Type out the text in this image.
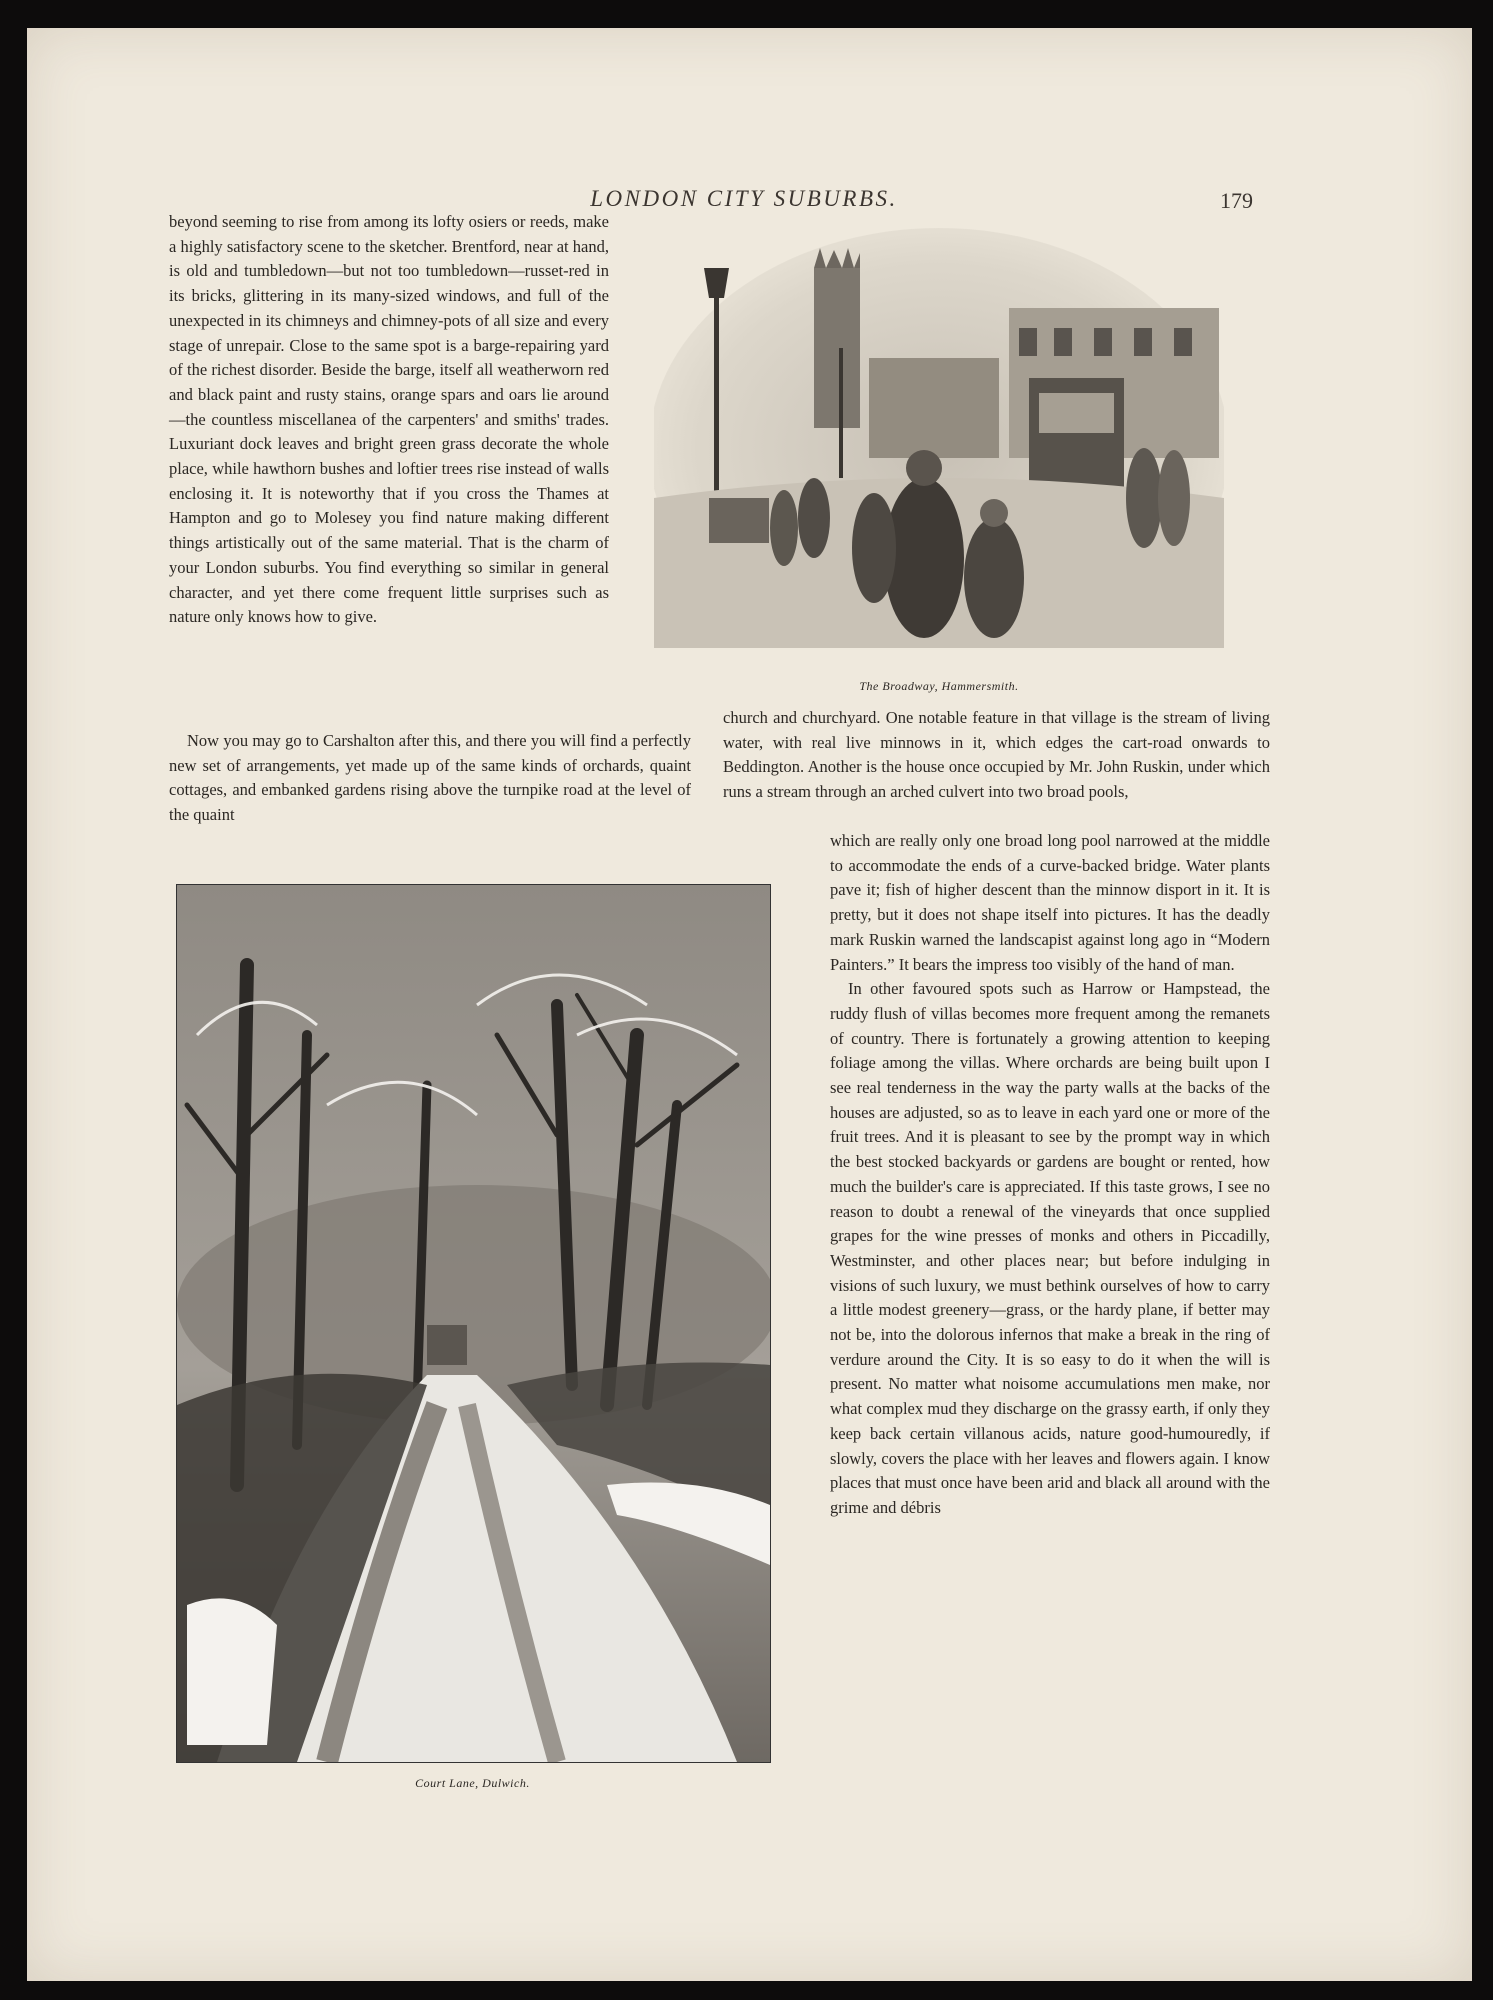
LONDON CITY SUBURBS.	179

beyond seeming to rise from among its lofty osiers or reeds, make a highly satisfactory scene to the sketcher. Brentford, near at hand, is old and tumbledown—but not too tumbledown—russet-red in its bricks, glittering in its many-sized windows, and full of the unexpected in its chimneys and chimney-pots of all size and every stage of unrepair. Close to the same spot is a barge-repairing yard of the richest disorder. Beside the barge, itself all weatherworn red and black paint and rusty stains, orange spars and oars lie around—the countless miscellanea of the carpenters' and smiths' trades. Luxuriant dock leaves and bright green grass decorate the whole place, while hawthorn bushes and loftier trees rise instead of walls enclosing it. It is noteworthy that if you cross the Thames at Hampton and go to Molesey you find nature making different things artistically out of the same material. That is the charm of your London suburbs. You find everything so similar in general character, and yet there come frequent little surprises such as nature only knows how to give.

Now you may go to Carshalton after this, and there you will find a perfectly new set of arrangements, yet made up of the same kinds of orchards, quaint cottages, and embanked gardens rising above the turnpike road at the level of the quaint

church and churchyard. One notable feature in that village is the stream of living water, with real live minnows in it, which edges the cart-road onwards to Beddington. Another is the house once occupied by Mr. John Ruskin, under which runs a stream through an arched culvert into two broad pools,

which are really only one broad long pool narrowed at the middle to accommodate the ends of a curve-backed bridge. Water plants pave it; fish of higher descent than the minnow disport in it. It is pretty, but it does not shape itself into pictures. It has the deadly mark Ruskin warned the landscapist against long ago in “Modern Painters.” It bears the impress too visibly of the hand of man.

In other favoured spots such as Harrow or Hampstead, the ruddy flush of villas becomes more frequent among the remanets of country. There is fortunately a growing attention to keeping foliage among the villas. Where orchards are being built upon I see real tenderness in the way the party walls at the backs of the houses are adjusted, so as to leave in each yard one or more of the fruit trees. And it is pleasant to see by the prompt way in which the best stocked backyards or gardens are bought or rented, how much the builder's care is appreciated. If this taste grows, I see no reason to doubt a renewal of the vineyards that once supplied grapes for the wine presses of monks and others in Piccadilly, Westminster, and other places near; but before indulging in visions of such luxury, we must bethink ourselves of how to carry a little modest greenery—grass, or the hardy plane, if better may not be, into the dolorous infernos that make a break in the ring of verdure around the City. It is so easy to do it when the will is present. No matter what noisome accumulations men make, nor what complex mud they discharge on the grassy earth, if only they keep back certain villanous acids, nature good-humouredly, if slowly, covers the place with her leaves and flowers again. I know places that must once have been arid and black all around with the grime and débris

The Broadway, Hammersmith.
Court Lane, Dulwich.
